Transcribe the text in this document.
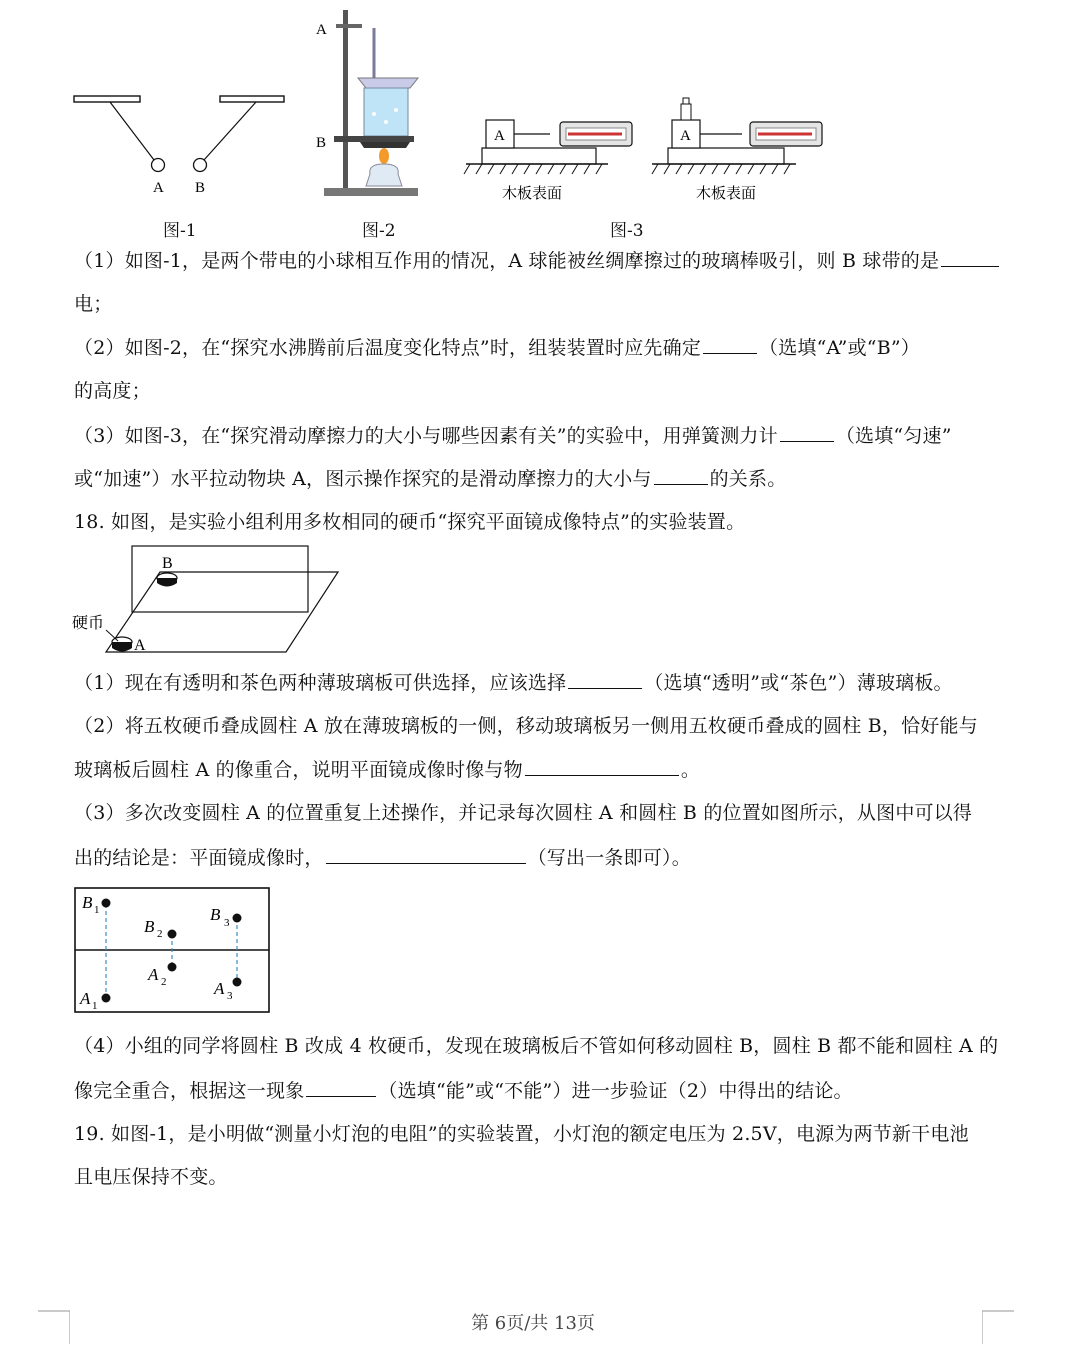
A B
图-1
A
B
图-2
A
木板表面
A
木板表面
图-3
（1）如图-1，是两个带电的小球相互作用的情况，A 球能被丝绸摩擦过的玻璃棒吸引，则 B 球带的是
电；
（2）如图-2，在“探究水沸腾前后温度变化特点”时，组装装置时应先确定	（选填“A”或“B”）
的高度；
（3）如图-3，在“探究滑动摩擦力的大小与哪些因素有关”的实验中，用弹簧测力计	（选填“匀速”
或“加速”）水平拉动物块 A，图示操作探究的是滑动摩擦力的大小与	的关系。
18. 如图，是实验小组利用多枚相同的硬币“探究平面镜成像特点”的实验装置。
B
A
硬币
（1）现在有透明和茶色两种薄玻璃板可供选择，应该选择	（选填“透明”或“茶色”）薄玻璃板。
（2）将五枚硬币叠成圆柱 A 放在薄玻璃板的一侧，移动玻璃板另一侧用五枚硬币叠成的圆柱 B，恰好能与
玻璃板后圆柱 A 的像重合，说明平面镜成像时像与物	。
（3）多次改变圆柱 A 的位置重复上述操作，并记录每次圆柱 A 和圆柱 B 的位置如图所示，从图中可以得
出的结论是：平面镜成像时，	（写出一条即可）。
B
B
B
A
A
A
1
2
3
1
2
3
（4）小组的同学将圆柱 B 改成 4 枚硬币，发现在玻璃板后不管如何移动圆柱 B，圆柱 B 都不能和圆柱 A 的
像完全重合，根据这一现象	（选填“能”或“不能”）进一步验证（2）中得出的结论。
19. 如图-1，是小明做“测量小灯泡的电阻”的实验装置，小灯泡的额定电压为 2.5V，电源为两节新干电池
且电压保持不变。
第 6页/共 13页
